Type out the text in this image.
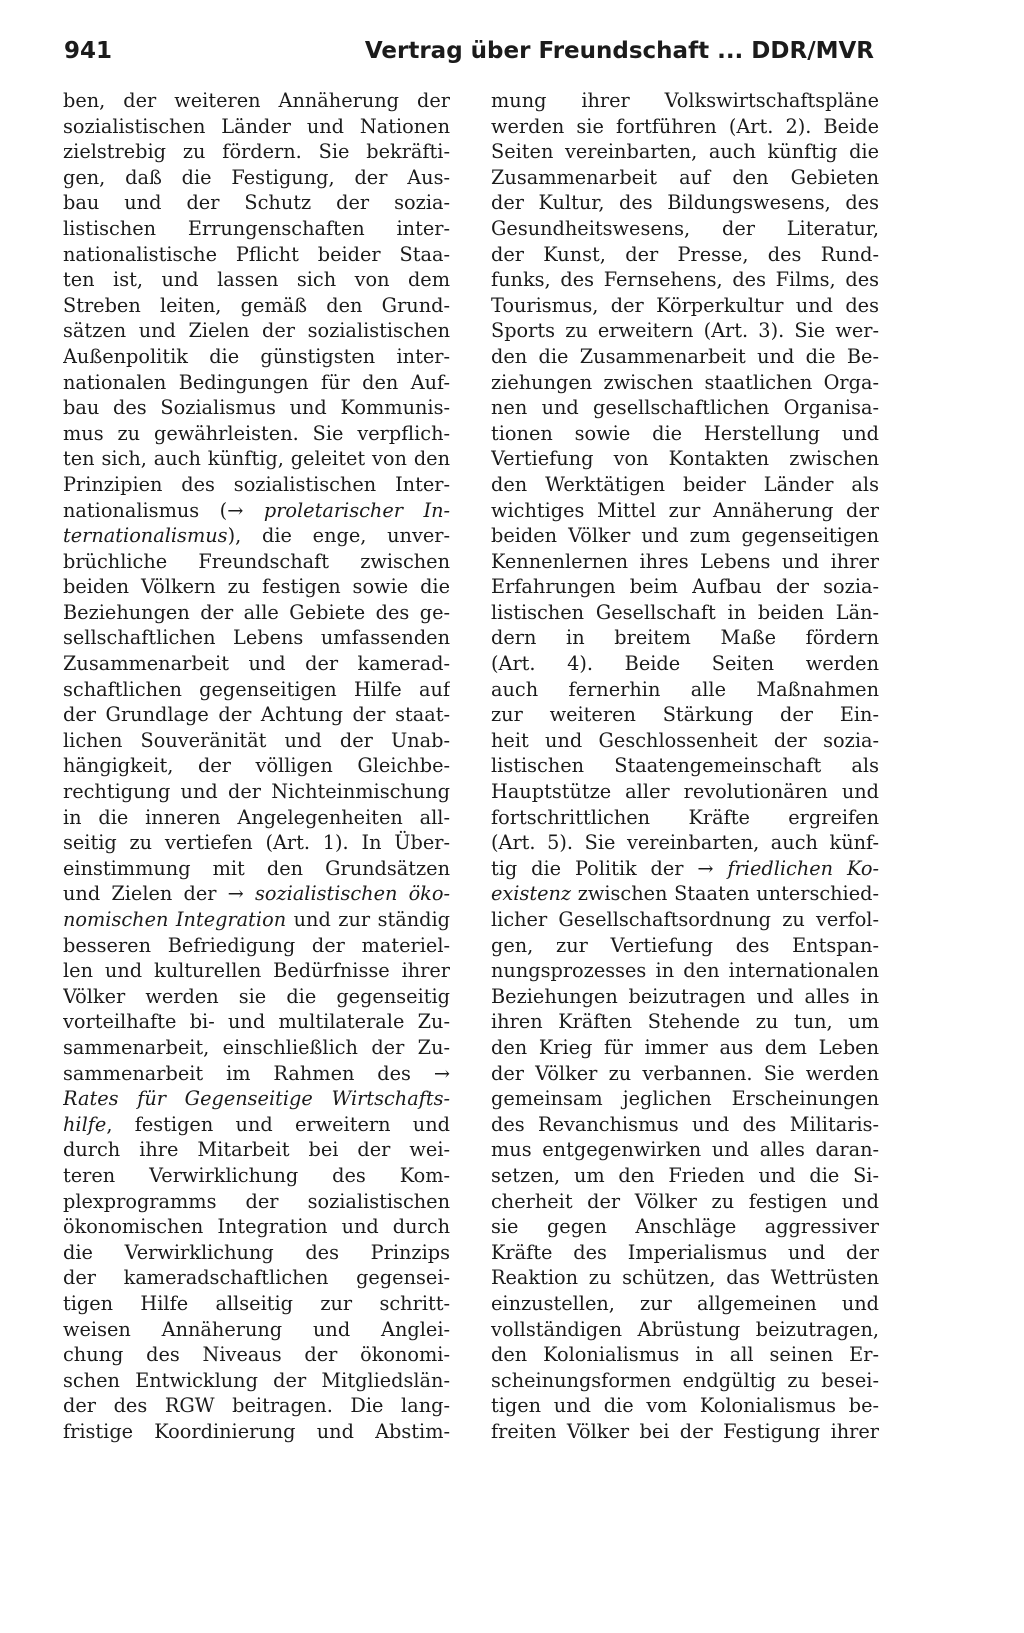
941	Vertrag über Freundschaft ... DDR/MVR
ben, der weiteren Annäherung der
sozialistischen Länder und Nationen
zielstrebig zu fördern. Sie bekräfti-
gen, daß die Festigung, der Aus-
bau und der Schutz der sozia-
listischen Errungenschaften inter-
nationalistische Pflicht beider Staa-
ten ist, und lassen sich von dem
Streben leiten, gemäß den Grund-
sätzen und Zielen der sozialistischen
Außenpolitik die günstigsten inter-
nationalen Bedingungen für den Auf-
bau des Sozialismus und Kommunis-
mus zu gewährleisten. Sie verpflich-
ten sich, auch künftig, geleitet von den
Prinzipien des sozialistischen Inter-
nationalismus (→ proletarischer In-
ternationalismus), die enge, unver-
brüchliche Freundschaft zwischen
beiden Völkern zu festigen sowie die
Beziehungen der alle Gebiete des ge-
sellschaftlichen Lebens umfassenden
Zusammenarbeit und der kamerad-
schaftlichen gegenseitigen Hilfe auf
der Grundlage der Achtung der staat-
lichen Souveränität und der Unab-
hängigkeit, der völligen Gleichbe-
rechtigung und der Nichteinmischung
in die inneren Angelegenheiten all-
seitig zu vertiefen (Art. 1). In Über-
einstimmung mit den Grundsätzen
und Zielen der → sozialistischen öko-
nomischen Integration und zur ständig
besseren Befriedigung der materiel-
len und kulturellen Bedürfnisse ihrer
Völker werden sie die gegenseitig
vorteilhafte bi- und multilaterale Zu-
sammenarbeit, einschließlich der Zu-
sammenarbeit im Rahmen des →
Rates für Gegenseitige Wirtschafts-
hilfe, festigen und erweitern und
durch ihre Mitarbeit bei der wei-
teren Verwirklichung des Kom-
plexprogramms der sozialistischen
ökonomischen Integration und durch
die Verwirklichung des Prinzips
der kameradschaftlichen gegensei-
tigen Hilfe allseitig zur schritt-
weisen Annäherung und Anglei-
chung des Niveaus der ökonomi-
schen Entwicklung der Mitgliedslän-
der des RGW beitragen. Die lang-
fristige Koordinierung und Abstim-
mung ihrer Volkswirtschaftspläne
werden sie fortführen (Art. 2). Beide
Seiten vereinbarten, auch künftig die
Zusammenarbeit auf den Gebieten
der Kultur, des Bildungswesens, des
Gesundheitswesens, der Literatur,
der Kunst, der Presse, des Rund-
funks, des Fernsehens, des Films, des
Tourismus, der Körperkultur und des
Sports zu erweitern (Art. 3). Sie wer-
den die Zusammenarbeit und die Be-
ziehungen zwischen staatlichen Orga-
nen und gesellschaftlichen Organisa-
tionen sowie die Herstellung und
Vertiefung von Kontakten zwischen
den Werktätigen beider Länder als
wichtiges Mittel zur Annäherung der
beiden Völker und zum gegenseitigen
Kennenlernen ihres Lebens und ihrer
Erfahrungen beim Aufbau der sozia-
listischen Gesellschaft in beiden Län-
dern in breitem Maße fördern
(Art. 4). Beide Seiten werden
auch fernerhin alle Maßnahmen
zur weiteren Stärkung der Ein-
heit und Geschlossenheit der sozia-
listischen Staatengemeinschaft als
Hauptstütze aller revolutionären und
fortschrittlichen Kräfte ergreifen
(Art. 5). Sie vereinbarten, auch künf-
tig die Politik der → friedlichen Ko-
existenz zwischen Staaten unterschied-
licher Gesellschaftsordnung zu verfol-
gen, zur Vertiefung des Entspan-
nungsprozesses in den internationalen
Beziehungen beizutragen und alles in
ihren Kräften Stehende zu tun, um
den Krieg für immer aus dem Leben
der Völker zu verbannen. Sie werden
gemeinsam jeglichen Erscheinungen
des Revanchismus und des Militaris-
mus entgegenwirken und alles daran-
setzen, um den Frieden und die Si-
cherheit der Völker zu festigen und
sie gegen Anschläge aggressiver
Kräfte des Imperialismus und der
Reaktion zu schützen, das Wettrüsten
einzustellen, zur allgemeinen und
vollständigen Abrüstung beizutragen,
den Kolonialismus in all seinen Er-
scheinungsformen endgültig zu besei-
tigen und die vom Kolonialismus be-
freiten Völker bei der Festigung ihrer
